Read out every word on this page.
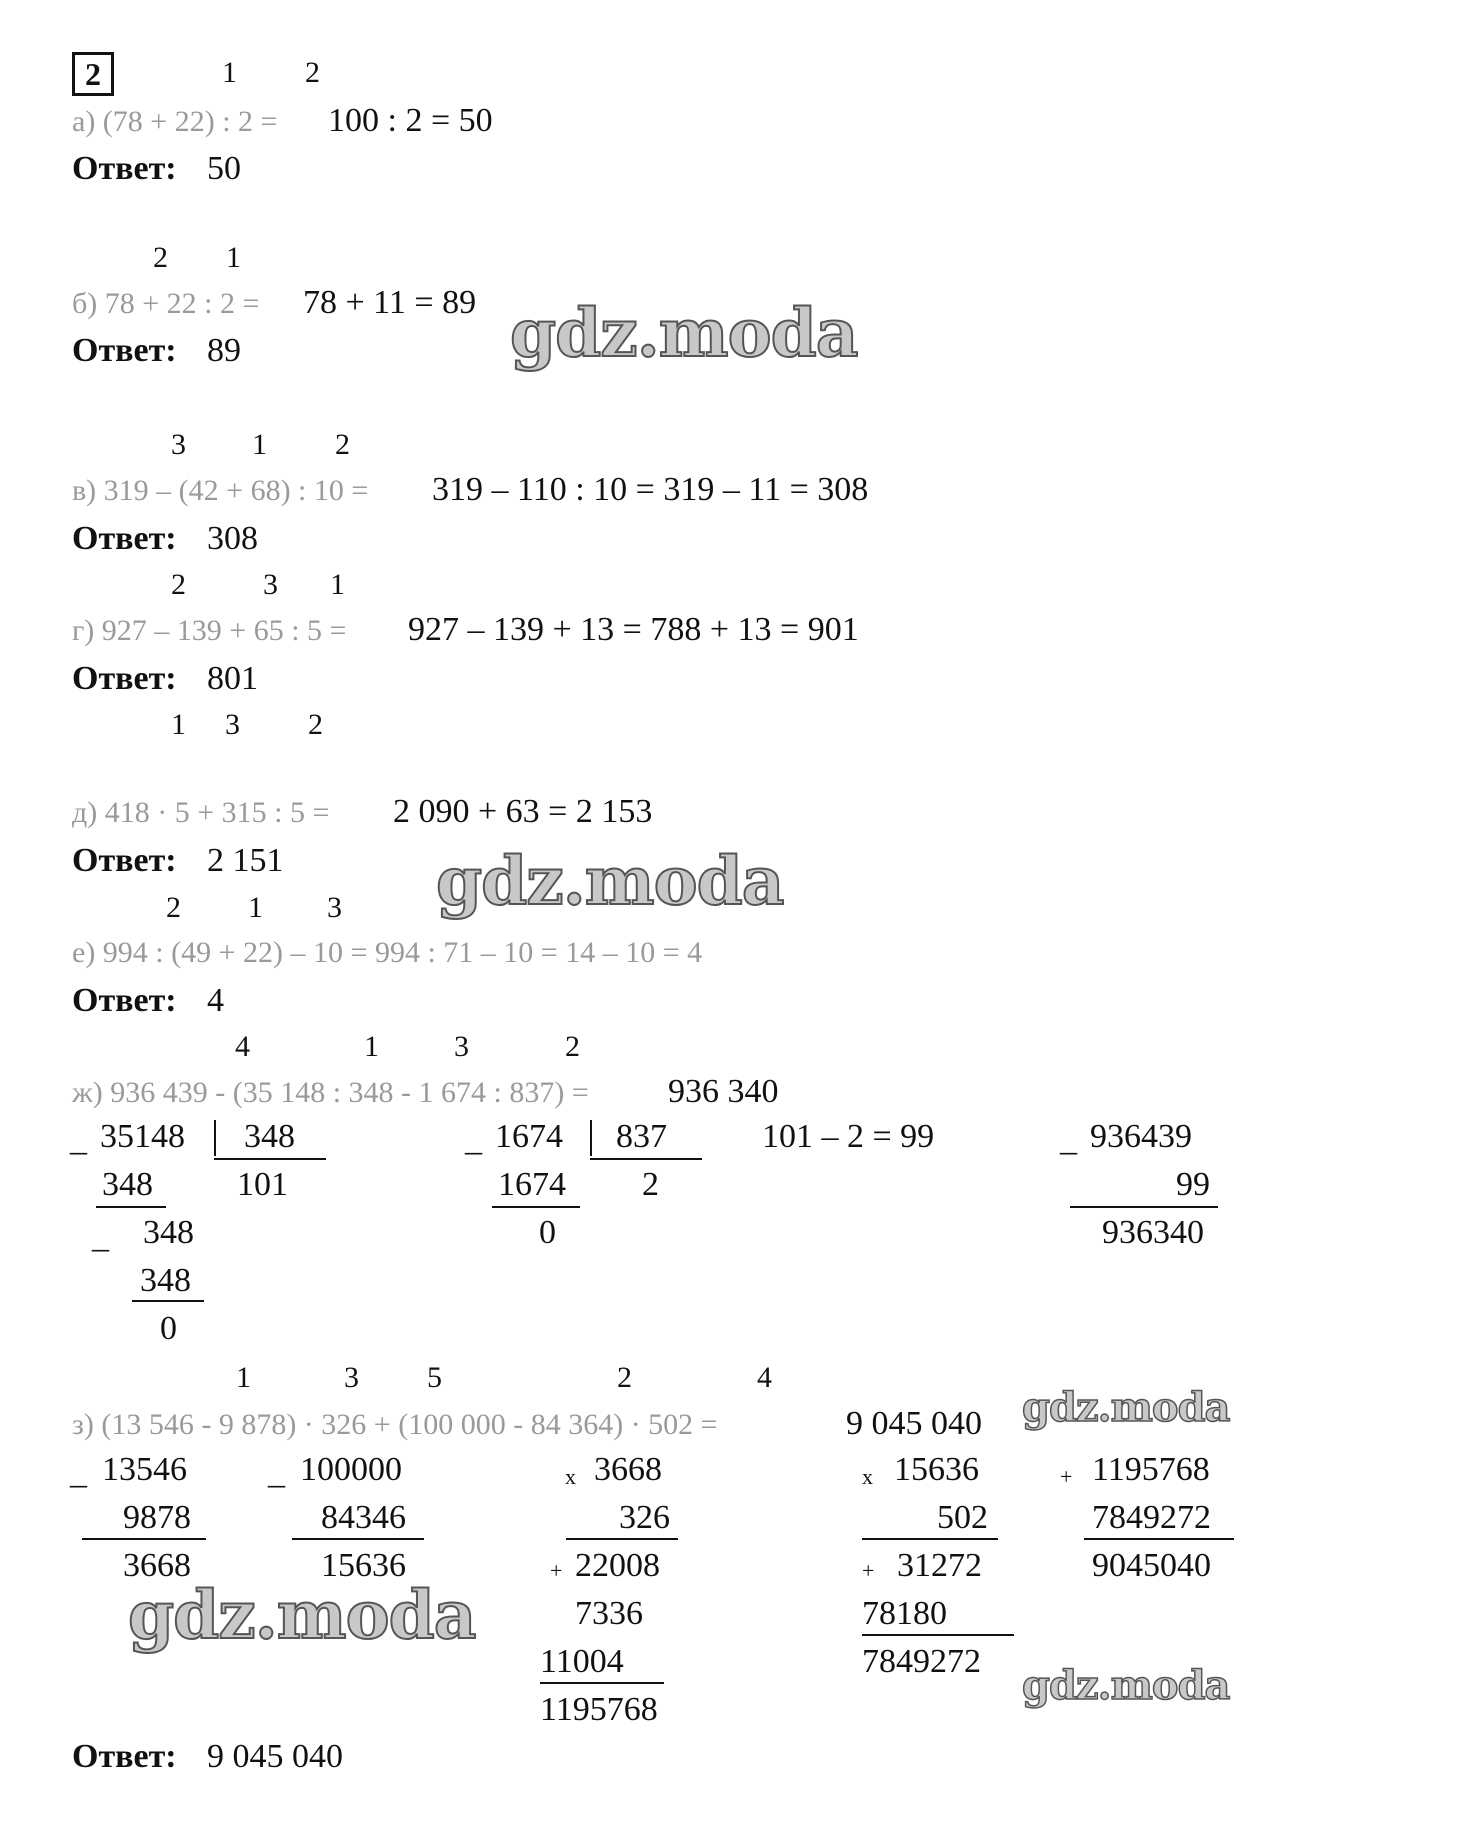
2	1 2
а) (78 + 22) : 2 = 100 : 2 = 50
Ответ: 50
2 1
б) 78 + 22 : 2 = 78 + 11 = 89
Ответ: 89
3 1 2
в) 319 – (42 + 68) : 10 = 319 – 110 : 10 = 319 – 11 = 308
Ответ: 308
2	3 1
г) 927 – 139 + 65 : 5 = 927 – 139 + 13 = 788 + 13 = 901
Ответ: 801
1 3 2
д) 418 · 5 + 315 : 5 = 2 090 + 63 = 2 153
Ответ: 2 151
2 1 3
е) 994 : (49 + 22) – 10 = 994 : 71 – 10 = 14 – 10 = 4
Ответ: 4
4	1	3	2
ж) 936 439 - (35 148 : 348 - 1 674 : 837) = 936 340
_ 35148 348
101
348
_ 348
348
0
_ 1674 837
2
1674
0
101 – 2 = 99	_ 936439
99
936340
1	3 5	2	4
з) (13 546 - 9 878) · 326 + (100 000 - 84 364) · 502 =	9 045 040
_ 13546
9878
3668
_ 100000
84346
15636
х 3668
326
+ 22008
7336
11004
1195768
х 15636
502
+ 31272
78180
7849272
+ 1195768
7849272
9045040
Ответ: 9 045 040
gdz.moda
gdz.moda
gdz.moda
gdz.moda
gdz.moda
